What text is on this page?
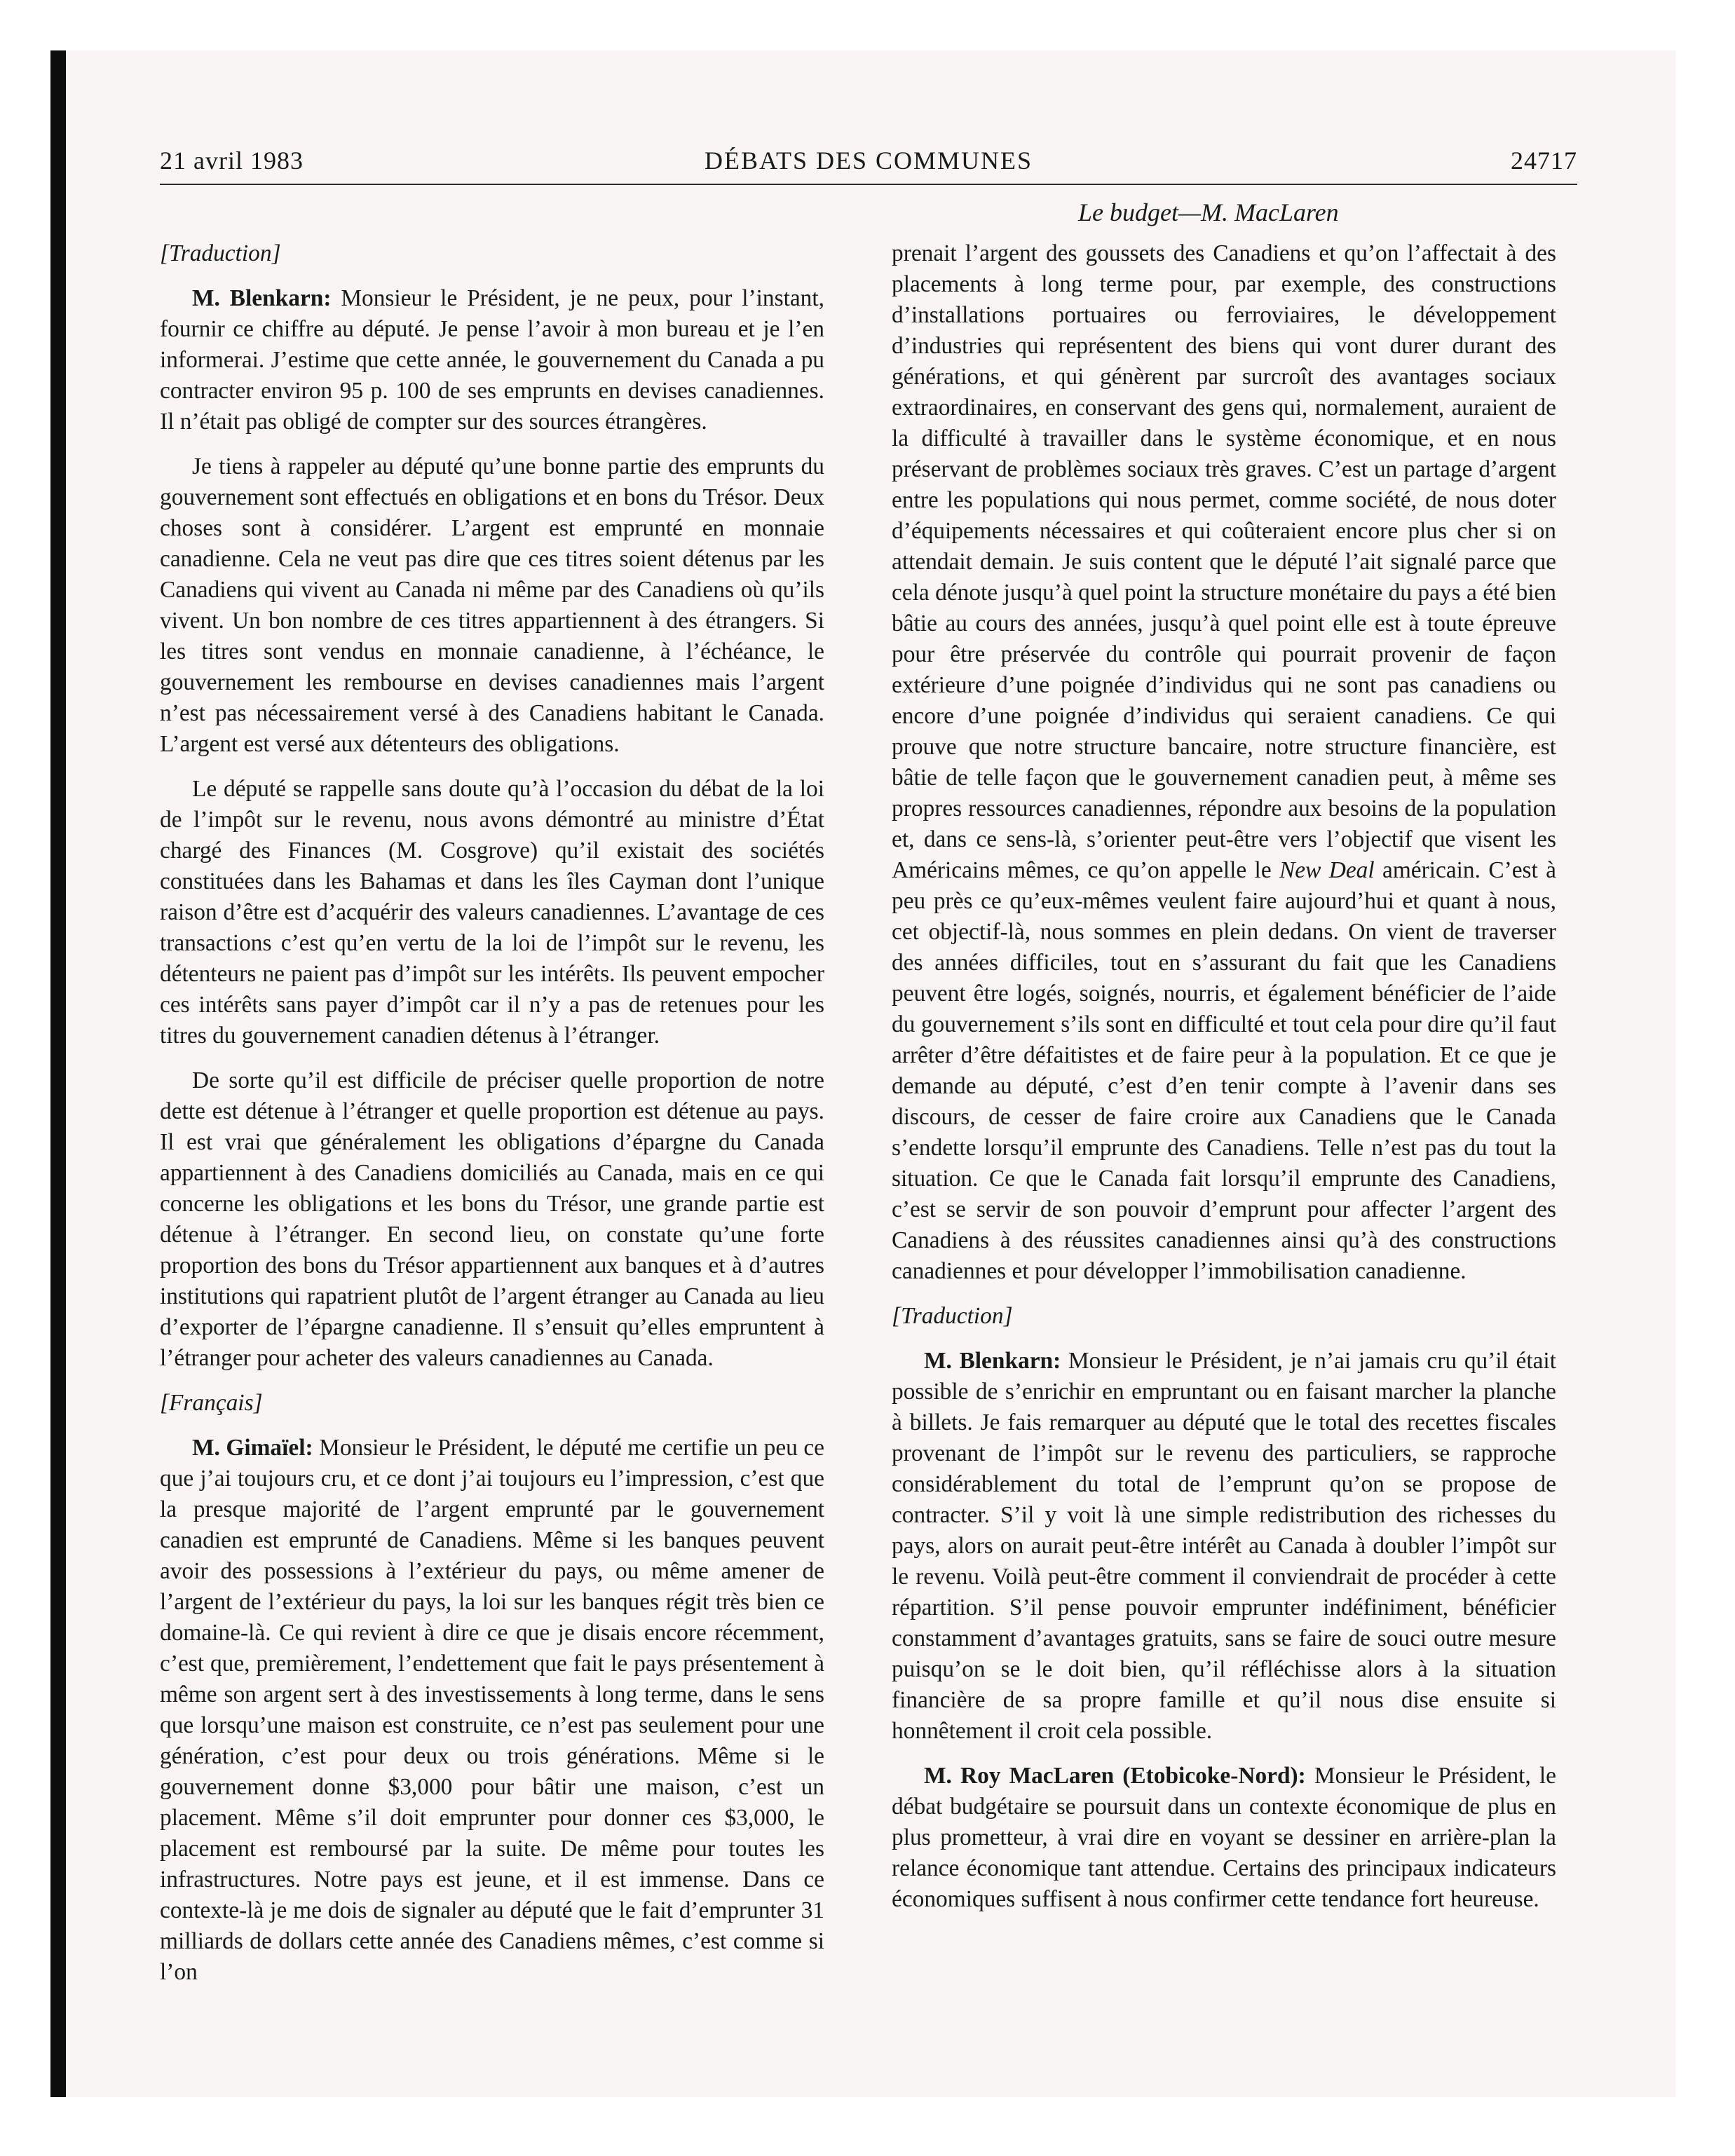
21 avril 1983	DÉBATS DES COMMUNES	24717
Le budget—M. MacLaren

[Traduction]

M. Blenkarn: Monsieur le Président, je ne peux, pour l’instant, fournir ce chiffre au député. Je pense l’avoir à mon bureau et je l’en informerai. J’estime que cette année, le gouvernement du Canada a pu contracter environ 95 p. 100 de ses emprunts en devises canadiennes. Il n’était pas obligé de compter sur des sources étrangères.

Je tiens à rappeler au député qu’une bonne partie des emprunts du gouvernement sont effectués en obligations et en bons du Trésor. Deux choses sont à considérer. L’argent est emprunté en monnaie canadienne. Cela ne veut pas dire que ces titres soient détenus par les Canadiens qui vivent au Canada ni même par des Canadiens où qu’ils vivent. Un bon nombre de ces titres appartiennent à des étrangers. Si les titres sont vendus en monnaie canadienne, à l’échéance, le gouvernement les rembourse en devises canadiennes mais l’argent n’est pas nécessairement versé à des Canadiens habitant le Canada. L’argent est versé aux détenteurs des obligations.

Le député se rappelle sans doute qu’à l’occasion du débat de la loi de l’impôt sur le revenu, nous avons démontré au ministre d’État chargé des Finances (M. Cosgrove) qu’il existait des sociétés constituées dans les Bahamas et dans les îles Cayman dont l’unique raison d’être est d’acquérir des valeurs canadiennes. L’avantage de ces transactions c’est qu’en vertu de la loi de l’impôt sur le revenu, les détenteurs ne paient pas d’impôt sur les intérêts. Ils peuvent empocher ces intérêts sans payer d’impôt car il n’y a pas de retenues pour les titres du gouvernement canadien détenus à l’étranger.

De sorte qu’il est difficile de préciser quelle proportion de notre dette est détenue à l’étranger et quelle proportion est détenue au pays. Il est vrai que généralement les obligations d’épargne du Canada appartiennent à des Canadiens domiciliés au Canada, mais en ce qui concerne les obligations et les bons du Trésor, une grande partie est détenue à l’étranger. En second lieu, on constate qu’une forte proportion des bons du Trésor appartiennent aux banques et à d’autres institutions qui rapatrient plutôt de l’argent étranger au Canada au lieu d’exporter de l’épargne canadienne. Il s’ensuit qu’elles empruntent à l’étranger pour acheter des valeurs canadiennes au Canada.

[Français]

M. Gimaïel: Monsieur le Président, le député me certifie un peu ce que j’ai toujours cru, et ce dont j’ai toujours eu l’impression, c’est que la presque majorité de l’argent emprunté par le gouvernement canadien est emprunté de Canadiens. Même si les banques peuvent avoir des possessions à l’extérieur du pays, ou même amener de l’argent de l’extérieur du pays, la loi sur les banques régit très bien ce domaine-là. Ce qui revient à dire ce que je disais encore récemment, c’est que, premièrement, l’endettement que fait le pays présentement à même son argent sert à des investissements à long terme, dans le sens que lorsqu’une maison est construite, ce n’est pas seulement pour une génération, c’est pour deux ou trois générations. Même si le gouvernement donne $3,000 pour bâtir une maison, c’est un placement. Même s’il doit emprunter pour donner ces $3,000, le placement est remboursé par la suite. De même pour toutes les infrastructures. Notre pays est jeune, et il est immense. Dans ce contexte-là je me dois de signaler au député que le fait d’emprunter 31 milliards de dollars cette année des Canadiens mêmes, c’est comme si l’on

prenait l’argent des goussets des Canadiens et qu’on l’affectait à des placements à long terme pour, par exemple, des constructions d’installations portuaires ou ferroviaires, le développement d’industries qui représentent des biens qui vont durer durant des générations, et qui génèrent par surcroît des avantages sociaux extraordinaires, en conservant des gens qui, normalement, auraient de la difficulté à travailler dans le système économique, et en nous préservant de problèmes sociaux très graves. C’est un partage d’argent entre les populations qui nous permet, comme société, de nous doter d’équipements nécessaires et qui coûteraient encore plus cher si on attendait demain. Je suis content que le député l’ait signalé parce que cela dénote jusqu’à quel point la structure monétaire du pays a été bien bâtie au cours des années, jusqu’à quel point elle est à toute épreuve pour être préservée du contrôle qui pourrait provenir de façon extérieure d’une poignée d’individus qui ne sont pas canadiens ou encore d’une poignée d’individus qui seraient canadiens. Ce qui prouve que notre structure bancaire, notre structure financière, est bâtie de telle façon que le gouvernement canadien peut, à même ses propres ressources canadiennes, répondre aux besoins de la population et, dans ce sens-là, s’orienter peut-être vers l’objectif que visent les Américains mêmes, ce qu’on appelle le New Deal américain. C’est à peu près ce qu’eux-mêmes veulent faire aujourd’hui et quant à nous, cet objectif-là, nous sommes en plein dedans. On vient de traverser des années difficiles, tout en s’assurant du fait que les Canadiens peuvent être logés, soignés, nourris, et également bénéficier de l’aide du gouvernement s’ils sont en difficulté et tout cela pour dire qu’il faut arrêter d’être défaitistes et de faire peur à la population. Et ce que je demande au député, c’est d’en tenir compte à l’avenir dans ses discours, de cesser de faire croire aux Canadiens que le Canada s’endette lorsqu’il emprunte des Canadiens. Telle n’est pas du tout la situation. Ce que le Canada fait lorsqu’il emprunte des Canadiens, c’est se servir de son pouvoir d’emprunt pour affecter l’argent des Canadiens à des réussites canadiennes ainsi qu’à des constructions canadiennes et pour développer l’immobilisation canadienne.

[Traduction]

M. Blenkarn: Monsieur le Président, je n’ai jamais cru qu’il était possible de s’enrichir en empruntant ou en faisant marcher la planche à billets. Je fais remarquer au député que le total des recettes fiscales provenant de l’impôt sur le revenu des particuliers, se rapproche considérablement du total de l’emprunt qu’on se propose de contracter. S’il y voit là une simple redistribution des richesses du pays, alors on aurait peut-être intérêt au Canada à doubler l’impôt sur le revenu. Voilà peut-être comment il conviendrait de procéder à cette répartition. S’il pense pouvoir emprunter indéfiniment, bénéficier constamment d’avantages gratuits, sans se faire de souci outre mesure puisqu’on se le doit bien, qu’il réfléchisse alors à la situation financière de sa propre famille et qu’il nous dise ensuite si honnêtement il croit cela possible.

M. Roy MacLaren (Etobicoke-Nord): Monsieur le Président, le débat budgétaire se poursuit dans un contexte économique de plus en plus prometteur, à vrai dire en voyant se dessiner en arrière-plan la relance économique tant attendue. Certains des principaux indicateurs économiques suffisent à nous confirmer cette tendance fort heureuse.
